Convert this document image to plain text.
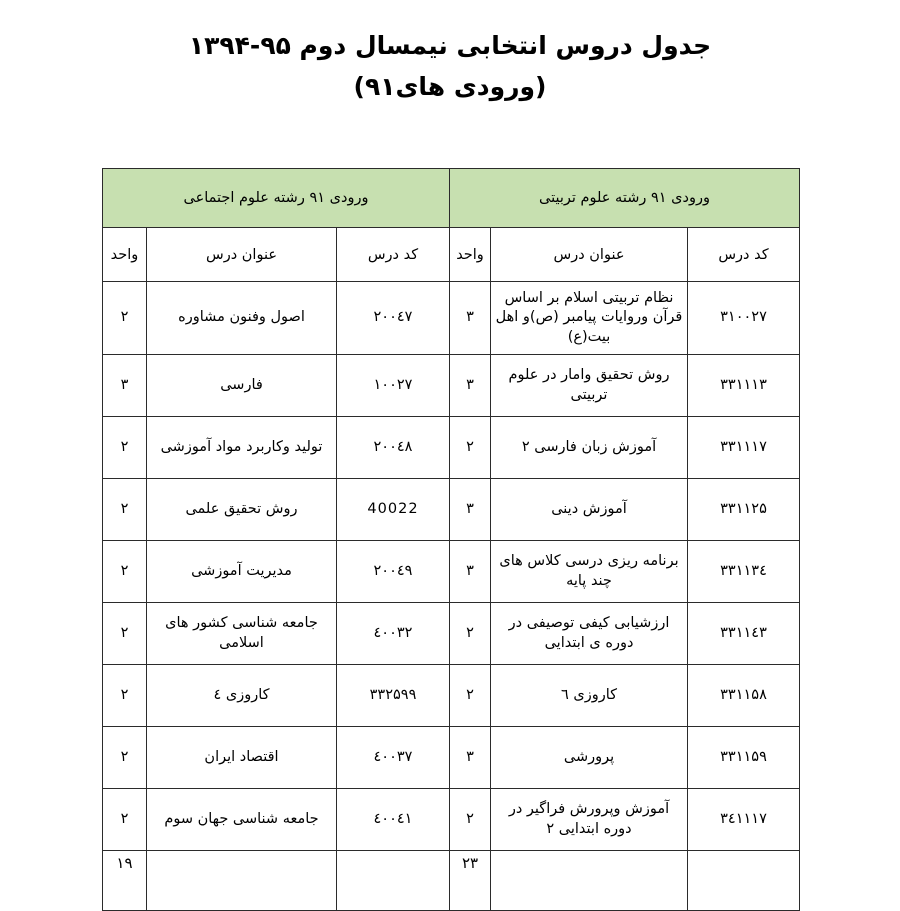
جدول دروس انتخابی نیمسال دوم ۹۵-۱۳۹۴
(ورودی های۹۱)
ورودی ۹۱ رشته علوم تربیتی			ورودی ۹۱ رشته علوم اجتماعی		
کد درس	عنوان درس	واحد	کد درس	عنوان درس	واحد
۳۱۰۰۲۷	نظام تربیتی اسلام بر اساس قرآن وروایات پیامبر (ص)و اهل بیت(ع)	۳	۲۰۰٤۷	اصول وفنون مشاوره	۲
۳۳۱۱۱۳	روش تحقیق وامار در علوم تربیتی	۳	۱۰۰۲۷	فارسی	۳
۳۳۱۱۱۷	آموزش زبان فارسی ۲	۲	۲۰۰٤۸	تولید وکاربرد مواد آموزشی	۲
۳۳۱۱۲۵	آموزش دینی	۳	40022	روش تحقیق علمی	۲
۳۳۱۱۳٤	برنامه ریزی درسی کلاس های چند پایه	۳	۲۰۰٤۹	مدیریت آموزشی	۲
۳۳۱۱٤۳	ارزشیابی کیفی توصیفی در دوره ی ابتدایی	۲	٤۰۰۳۲	جامعه شناسی کشور های اسلامی	۲
۳۳۱۱۵۸	کاروزی ٦	۲	۳۳۲۵۹۹	کاروزی ٤	۲
۳۳۱۱۵۹	پرورشی	۳	٤۰۰۳۷	اقتصاد ایران	۲
۳٤۱۱۱۷	آموزش وپرورش فراگیر در دوره ابتدایی ۲	۲	٤۰۰٤۱	جامعه شناسی جهان سوم	۲
		۲۳			۱۹
